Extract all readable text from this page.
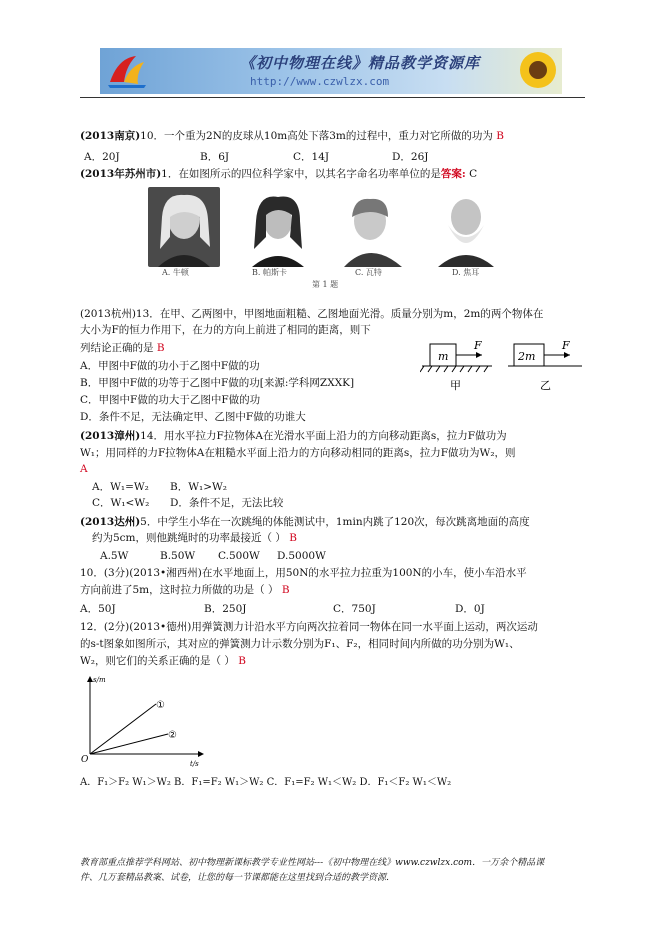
《初中物理在线》精品教学资源库
http://www.czwlzx.com
(2013南京)10．一个重为2N的皮球从10m高处下落3m的过程中，重力对它所做的功为 B
A．20J	B．6J	C．14J	D．26J
(2013年苏州市)1．在如图所示的四位科学家中，以其名字命名功率单位的是答案: C
A. 牛顿	B. 帕斯卡	C. 瓦特	D. 焦耳
第 1 题
(2013杭州)13．在甲、乙两图中，甲图地面粗糙、乙图地面光滑。质量分别为m，2m的两个物体在
大小为F的恒力作用下，在力的方向上前进了相同的距离，则下
列结论正确的是 B
A．甲图中F做的功小于乙图中F做的功
B．甲图中F做的功等于乙图中F做的功[来源:学科网ZXXK]
C．甲图中F做的功大于乙图中F做的功
D．条件不足，无法确定甲、乙图中F做的功谁大
m
F
甲
2m
F
乙
(2013漳州)14．用水平拉力F拉物体A在光滑水平面上沿力的方向移动距离s，拉力F做功为
W₁；用同样的力F拉物体A在粗糙水平面上沿力的方向移动相同的距离s，拉力F做功为W₂，则
A
A．W₁=W₂ B．W₁>W₂
C．W₁<W₂ D．条件不足，无法比较
(2013达州)5．中学生小华在一次跳绳的体能测试中，1min内跳了120次，每次跳离地面的高度
约为5cm，则他跳绳时的功率最接近（ ） B
A.5W	B.50W C.500W D.5000W
10．(3分)(2013•湘西州)在水平地面上，用50N的水平拉力拉重为100N的小车，使小车沿水平
方向前进了5m，这时拉力所做的功是（ ） B
A．50J	B．250J	C．750J	D．0J
12．(2分)(2013•德州)用弹簧测力计沿水平方向两次拉着同一物体在同一水平面上运动，两次运动
的s-t图象如图所示，其对应的弹簧测力计示数分别为F₁、F₂，相同时间内所做的功分别为W₁、
W₂，则它们的关系正确的是（ ） B
s/m
t/s
O
①
②
A．F₁＞F₂ W₁＞W₂ B．F₁=F₂ W₁＞W₂ C．F₁=F₂ W₁＜W₂ D．F₁＜F₂ W₁＜W₂
教育部重点推荐学科网站、初中物理新课标教学专业性网站---《初中物理在线》www.czwlzx.com．一万余个精品课
件、几万套精品教案、试卷，让您的每一节课都能在这里找到合适的教学资源．
